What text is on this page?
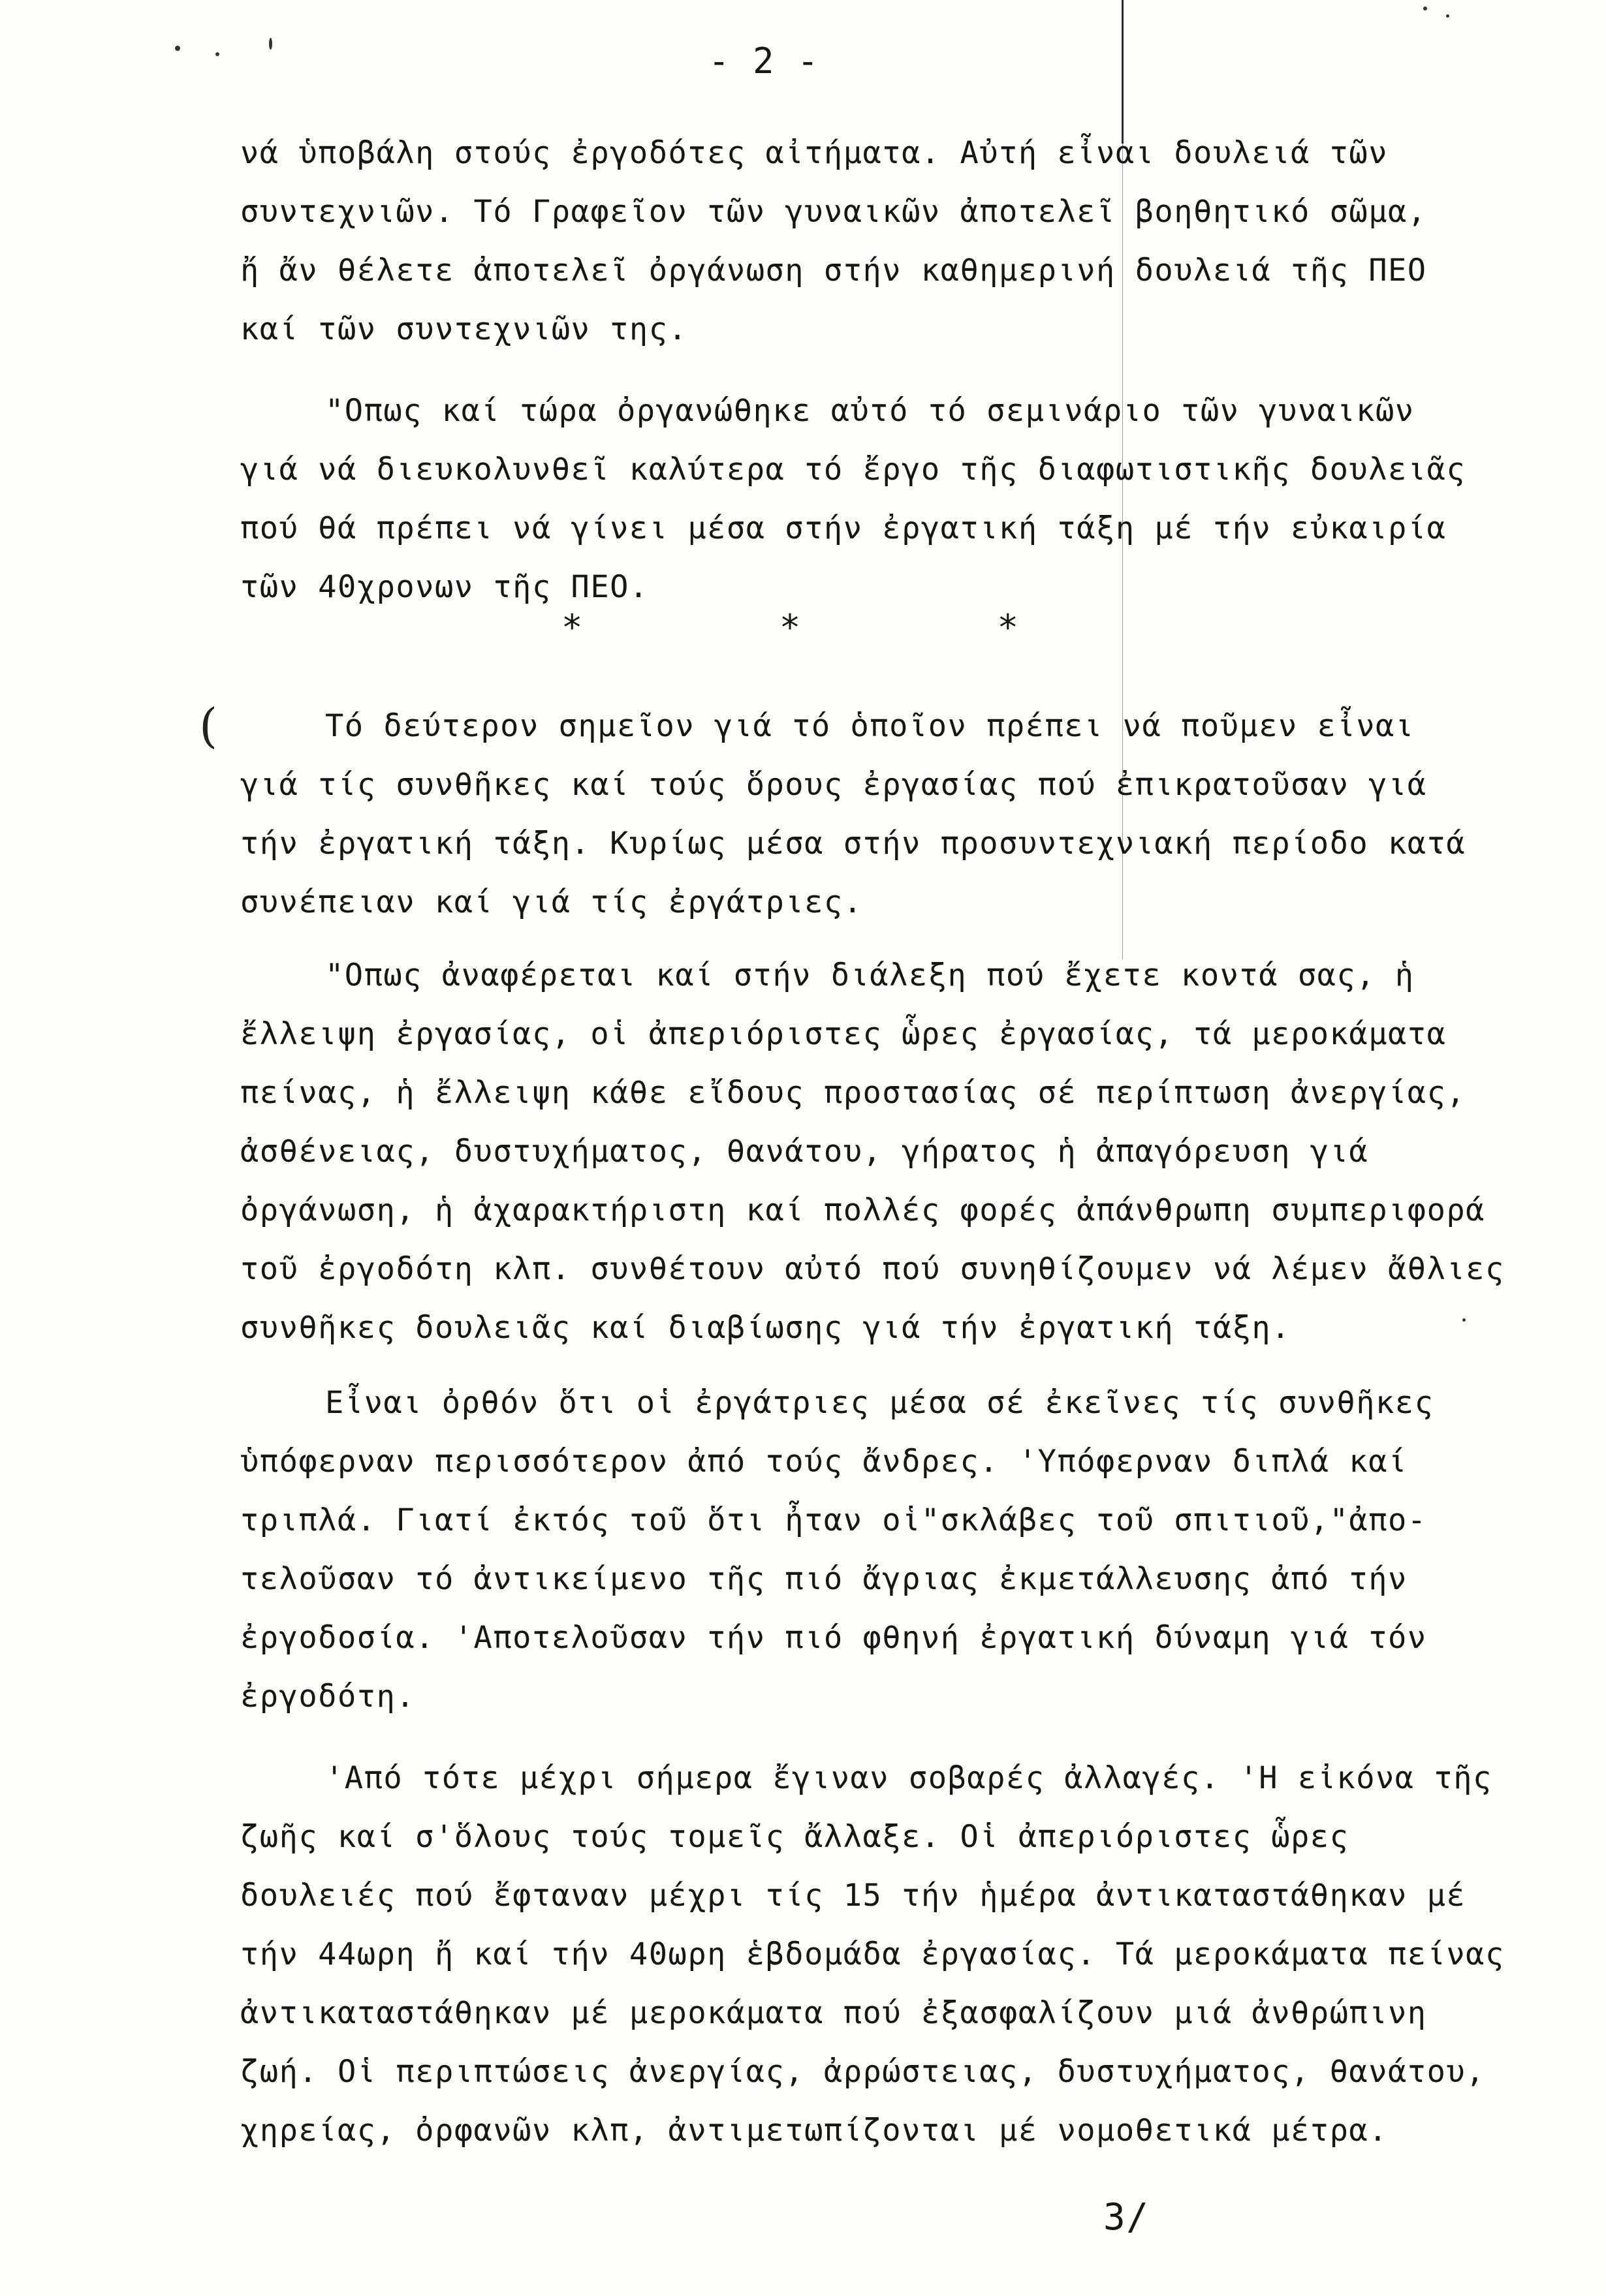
(
- 2 -
νά ὑποβάλη στούς ἐργοδότες αἰτήματα. Αὐτή εἶναι δουλειά τῶν
συντεχνιῶν. Τό Γραφεῖον τῶν γυναικῶν ἀποτελεῖ βοηθητικό σῶμα,
ἤ ἄν θέλετε ἀποτελεῖ ὀργάνωση στήν καθημερινή δουλειά τῆς ΠΕΟ
καί τῶν συντεχνιῶν της.
"Οπως καί τώρα ὀργανώθηκε αὐτό τό σεμινάριο τῶν γυναικῶν
γιά νά διευκολυνθεῖ καλύτερα τό ἔργο τῆς διαφωτιστικῆς δουλειᾶς
πού θά πρέπει νά γίνει μέσα στήν ἐργατική τάξη μέ τήν εὐκαιρία
τῶν 40χρονων τῆς ΠΕΟ.
*	*	*
Τό δεύτερον σημεῖον γιά τό ὁποῖον πρέπει νά ποῦμεν εἶναι
γιά τίς συνθῆκες καί τούς ὅρους ἐργασίας πού ἐπικρατοῦσαν γιά
τήν ἐργατική τάξη. Κυρίως μέσα στήν προσυντεχνιακή περίοδο κατά
συνέπειαν καί γιά τίς ἐργάτριες.
"Οπως ἀναφέρεται καί στήν διάλεξη πού ἔχετε κοντά σας, ἡ
ἔλλειψη ἐργασίας, οἱ ἀπεριόριστες ὧρες ἐργασίας, τά μεροκάματα
πείνας, ἡ ἔλλειψη κάθε εἴδους προστασίας σέ περίπτωση ἀνεργίας,
ἀσθένειας, δυστυχήματος, θανάτου, γήρατος ἡ ἀπαγόρευση γιά
ὀργάνωση, ἡ ἀχαρακτήριστη καί πολλές φορές ἀπάνθρωπη συμπεριφορά
τοῦ ἐργοδότη κλπ. συνθέτουν αὐτό πού συνηθίζουμεν νά λέμεν ἄθλιες
συνθῆκες δουλειᾶς καί διαβίωσης γιά τήν ἐργατική τάξη.
Εἶναι ὀρθόν ὅτι οἱ ἐργάτριες μέσα σέ ἐκεῖνες τίς συνθῆκες
ὑπόφερναν περισσότερον ἀπό τούς ἄνδρες. 'Υπόφερναν διπλά καί
τριπλά. Γιατί ἐκτός τοῦ ὅτι ἦταν οἱ"σκλάβες τοῦ σπιτιοῦ,"ἀπο-
τελοῦσαν τό ἀντικείμενο τῆς πιό ἄγριας ἐκμετάλλευσης ἀπό τήν
ἐργοδοσία. 'Αποτελοῦσαν τήν πιό φθηνή ἐργατική δύναμη γιά τόν
ἐργοδότη.
'Από τότε μέχρι σήμερα ἔγιναν σοβαρές ἀλλαγές. 'Η εἰκόνα τῆς
ζωῆς καί σ'ὅλους τούς τομεῖς ἄλλαξε. Οἱ ἀπεριόριστες ὧρες
δουλειές πού ἔφταναν μέχρι τίς 15 τήν ἡμέρα ἀντικαταστάθηκαν μέ
τήν 44ωρη ἤ καί τήν 40ωρη ἑβδομάδα ἐργασίας. Τά μεροκάματα πείνας
ἀντικαταστάθηκαν μέ μεροκάματα πού ἐξασφαλίζουν μιά ἀνθρώπινη
ζωή. Οἱ περιπτώσεις ἀνεργίας, ἀρρώστειας, δυστυχήματος, θανάτου,
χηρείας, ὀρφανῶν κλπ, ἀντιμετωπίζονται μέ νομοθετικά μέτρα.
3/
